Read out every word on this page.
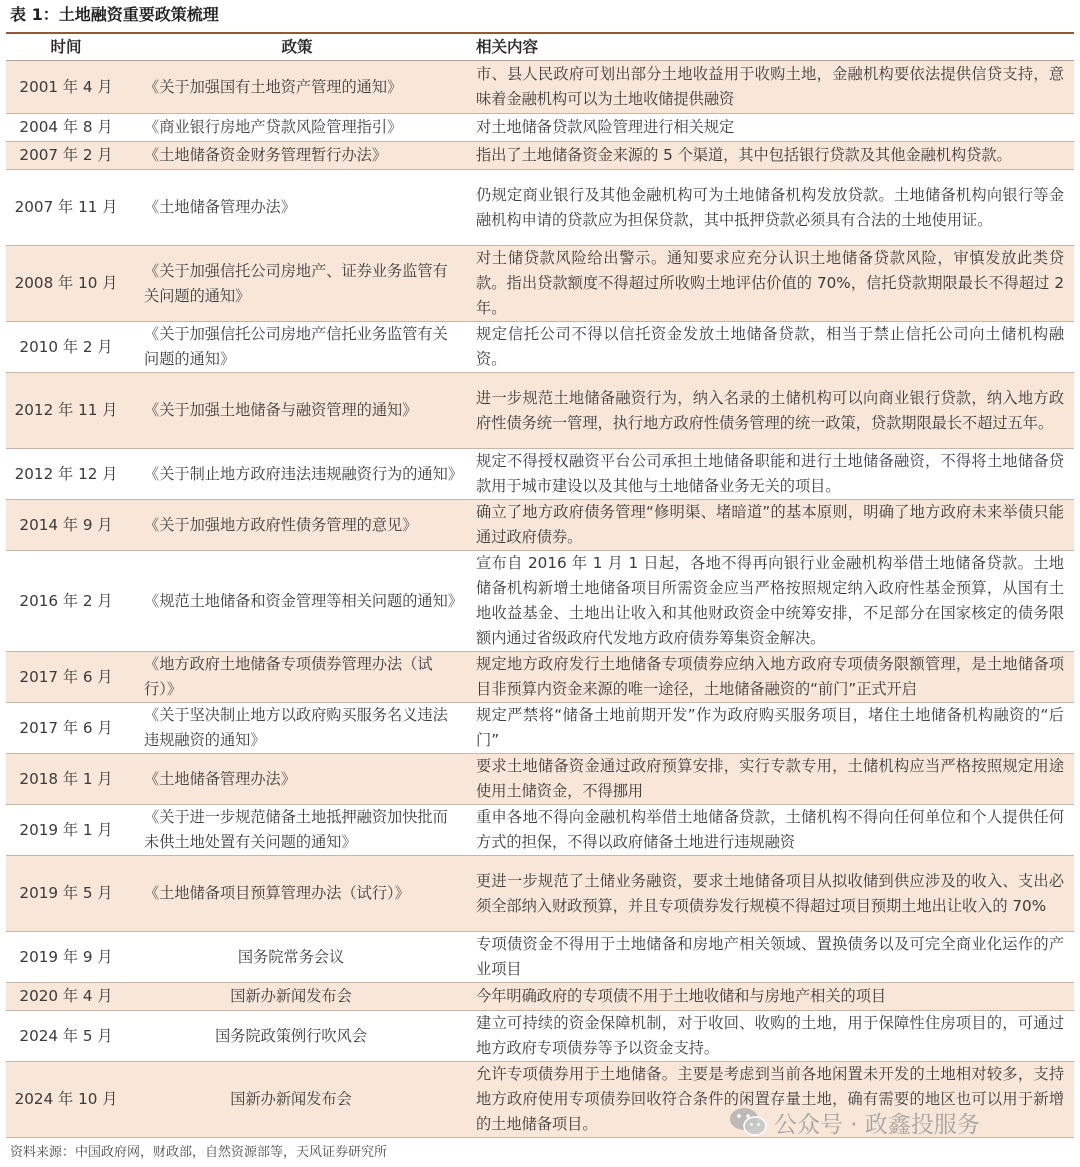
表 1：土地融资重要政策梳理
时间	政策	相关内容
2001 年 4 月	《关于加强国有土地资产管理的通知》	市、县人民政府可划出部分土地收益用于收购土地，金融机构要依法提供信贷支持，意味着金融机构可以为土地收储提供融资
2004 年 8 月	《商业银行房地产贷款风险管理指引》	对土地储备贷款风险管理进行相关规定
2007 年 2 月	《土地储备资金财务管理暂行办法》	指出了土地储备资金来源的 5 个渠道，其中包括银行贷款及其他金融机构贷款。
2007 年 11 月	《土地储备管理办法》	仍规定商业银行及其他金融机构可为土地储备机构发放贷款。土地储备机构向银行等金融机构申请的贷款应为担保贷款，其中抵押贷款必须具有合法的土地使用证。
2008 年 10 月	《关于加强信托公司房地产、证券业务监管有关问题的通知》	对土储贷款风险给出警示。通知要求应充分认识土地储备贷款风险，审慎发放此类贷款。指出贷款额度不得超过所收购土地评估价值的 70%，信托贷款期限最长不得超过 2 年。
2010 年 2 月	《关于加强信托公司房地产信托业务监管有关问题的通知》	规定信托公司不得以信托资金发放土地储备贷款，相当于禁止信托公司向土储机构融资。
2012 年 11 月	《关于加强土地储备与融资管理的通知》	进一步规范土地储备融资行为，纳入名录的土储机构可以向商业银行贷款，纳入地方政府性债务统一管理，执行地方政府性债务管理的统一政策，贷款期限最长不超过五年。
2012 年 12 月	《关于制止地方政府违法违规融资行为的通知》	规定不得授权融资平台公司承担土地储备职能和进行土地储备融资，不得将土地储备贷款用于城市建设以及其他与土地储备业务无关的项目。
2014 年 9 月	《关于加强地方政府性债务管理的意见》	确立了地方政府债务管理“修明渠、堵暗道”的基本原则，明确了地方政府未来举债只能通过政府债券。
2016 年 2 月	《规范土地储备和资金管理等相关问题的通知》	宣布自 2016 年 1 月 1 日起，各地不得再向银行业金融机构举借土地储备贷款。土地储备机构新增土地储备项目所需资金应当严格按照规定纳入政府性基金预算，从国有土地收益基金、土地出让收入和其他财政资金中统筹安排，不足部分在国家核定的债务限额内通过省级政府代发地方政府债券筹集资金解决。
2017 年 6 月	《地方政府土地储备专项债券管理办法（试行）》	规定地方政府发行土地储备专项债券应纳入地方政府专项债务限额管理，是土地储备项目非预算内资金来源的唯一途径，土地储备融资的“前门”正式开启
2017 年 6 月	《关于坚决制止地方以政府购买服务名义违法违规融资的通知》	规定严禁将“储备土地前期开发”作为政府购买服务项目，堵住土地储备机构融资的“后门”
2018 年 1 月	《土地储备管理办法》	要求土地储备资金通过政府预算安排，实行专款专用，土储机构应当严格按照规定用途使用土储资金，不得挪用
2019 年 1 月	《关于进一步规范储备土地抵押融资加快批而未供土地处置有关问题的通知》	重申各地不得向金融机构举借土地储备贷款，土储机构不得向任何单位和个人提供任何方式的担保，不得以政府储备土地进行违规融资
2019 年 5 月	《土地储备项目预算管理办法（试行）》	更进一步规范了土储业务融资，要求土地储备项目从拟收储到供应涉及的收入、支出必须全部纳入财政预算，并且专项债券发行规模不得超过项目预期土地出让收入的 70%
2019 年 9 月	国务院常务会议	专项债资金不得用于土地储备和房地产相关领域、置换债务以及可完全商业化运作的产业项目
2020 年 4 月	国新办新闻发布会	今年明确政府的专项债不用于土地收储和与房地产相关的项目
2024 年 5 月	国务院政策例行吹风会	建立可持续的资金保障机制，对于收回、收购的土地，用于保障性住房项目的，可通过地方政府专项债券等予以资金支持。
2024 年 10 月	国新办新闻发布会	允许专项债券用于土地储备。主要是考虑到当前各地闲置未开发的土地相对较多，支持地方政府使用专项债券回收符合条件的闲置存量土地，确有需要的地区也可以用于新增的土地储备项目。	公众号 · 政鑫投服务
资料来源：中国政府网，财政部，自然资源部等，天风证券研究所
